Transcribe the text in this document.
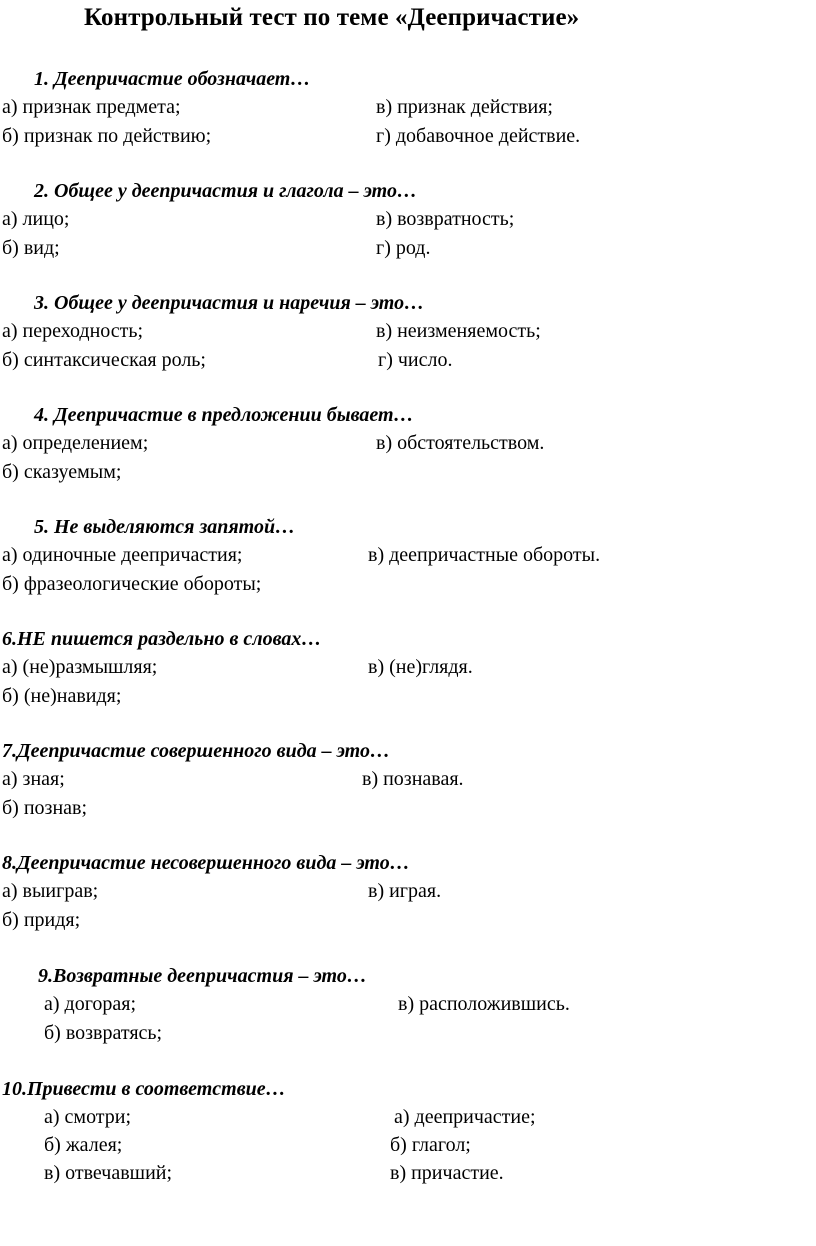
Контрольный тест по теме «Деепричастие»
1. Деепричастие обозначает…
а) признак предмета;	в) признак действия;
б) признак по действию;	г) добавочное действие.
2. Общее у деепричастия и глагола – это…
а) лицо;	в) возвратность;
б) вид;	г) род.
3. Общее у деепричастия и наречия – это…
а) переходность;	в) неизменяемость;
б) синтаксическая роль;	г) число.
4. Деепричастие в предложении бывает…
а) определением;	в) обстоятельством.
б) сказуемым;
5. Не выделяются запятой…
а) одиночные деепричастия;	в) деепричастные обороты.
б) фразеологические обороты;
6.НЕ пишется раздельно в словах…
а) (не)размышляя;	в) (не)глядя.
б) (не)навидя;
7.Деепричастие совершенного вида – это…
а) зная;	в) познавая.
б) познав;
8.Деепричастие несовершенного вида – это…
а) выиграв;	в) играя.
б) придя;
9.Возвратные деепричастия – это…
а) догорая;	в) расположившись.
б) возвратясь;
10.Привести в соответствие…
а) смотри;	а) деепричастие;
б) жалея;	б) глагол;
в) отвечавший;	в) причастие.
